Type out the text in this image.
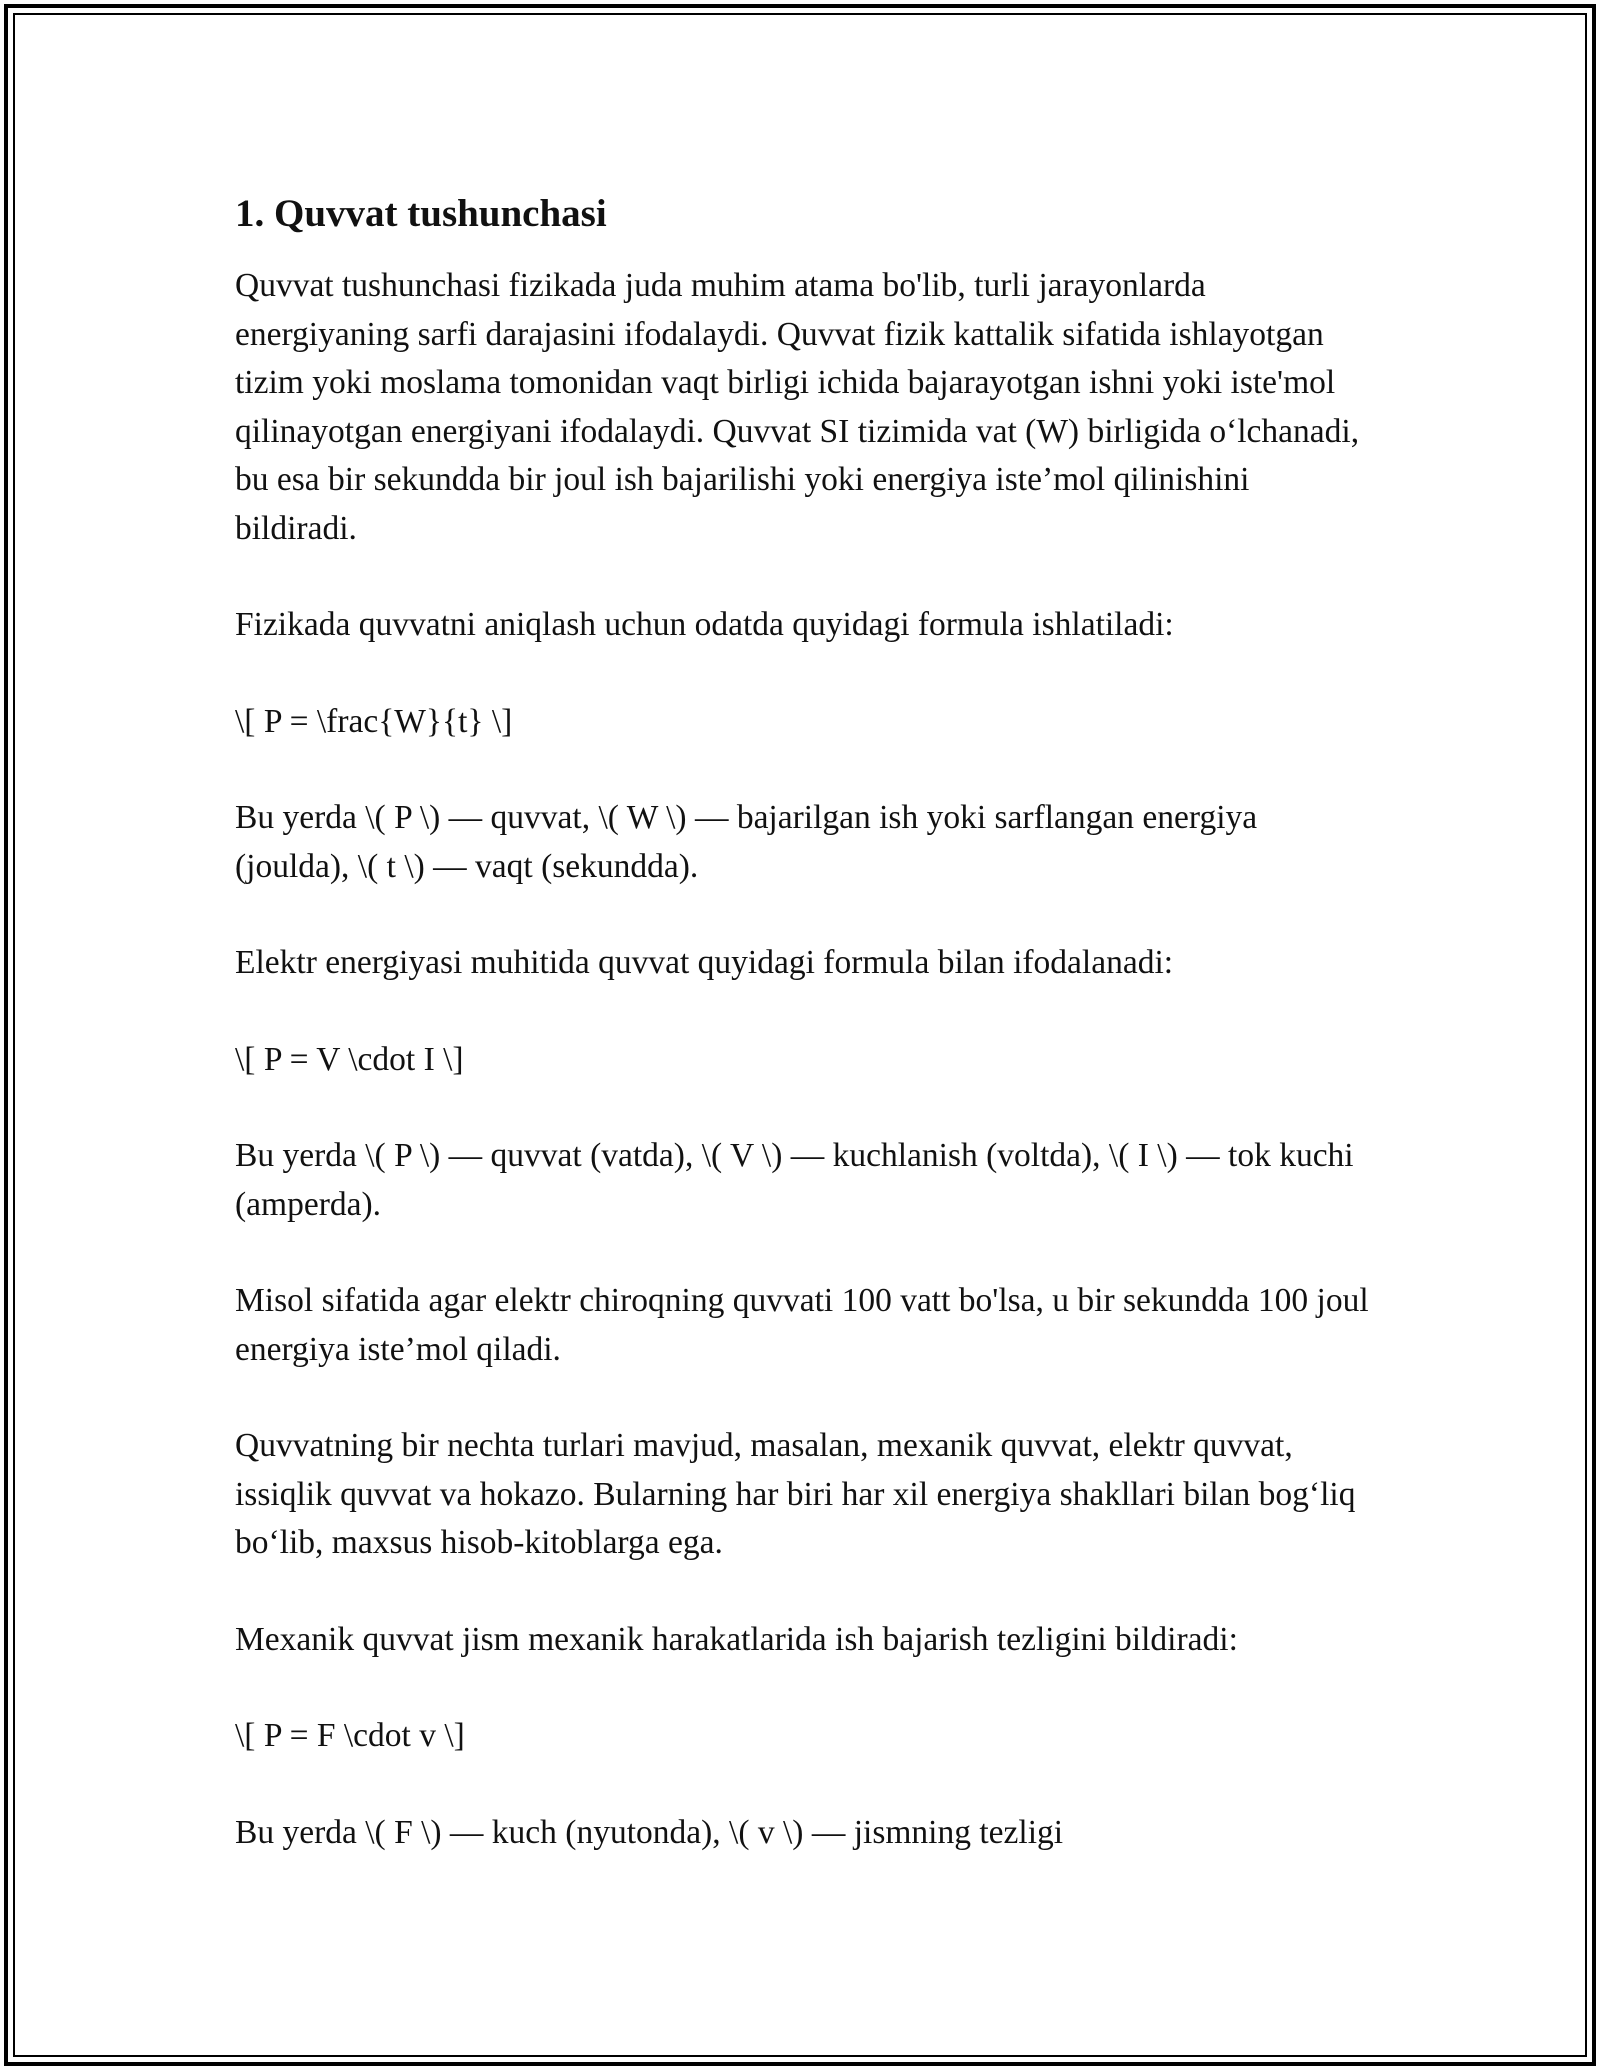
1. Quvvat tushunchasi

Quvvat tushunchasi fizikada juda muhim atama bo'lib, turli jarayonlarda energiyaning sarfi darajasini ifodalaydi. Quvvat fizik kattalik sifatida ishlayotgan tizim yoki moslama tomonidan vaqt birligi ichida bajarayotgan ishni yoki iste'mol qilinayotgan energiyani ifodalaydi. Quvvat SI tizimida vat (W) birligida o‘lchanadi, bu esa bir sekundda bir joul ish bajarilishi yoki energiya iste’mol qilinishini bildiradi.

Fizikada quvvatni aniqlash uchun odatda quyidagi formula ishlatiladi:

\[ P = \frac{W}{t} \]

Bu yerda \( P \) — quvvat, \( W \) — bajarilgan ish yoki sarflangan energiya (joulda), \( t \) — vaqt (sekundda).

Elektr energiyasi muhitida quvvat quyidagi formula bilan ifodalanadi:

\[ P = V \cdot I \]

Bu yerda \( P \) — quvvat (vatda), \( V \) — kuchlanish (voltda), \( I \) — tok kuchi (amperda).

Misol sifatida agar elektr chiroqning quvvati 100 vatt bo'lsa, u bir sekundda 100 joul energiya iste’mol qiladi.

Quvvatning bir nechta turlari mavjud, masalan, mexanik quvvat, elektr quvvat, issiqlik quvvat va hokazo. Bularning har biri har xil energiya shakllari bilan bog‘liq bo‘lib, maxsus hisob-kitoblarga ega.

Mexanik quvvat jism mexanik harakatlarida ish bajarish tezligini bildiradi:

\[ P = F \cdot v \]

Bu yerda \( F \) — kuch (nyutonda), \( v \) — jismning tezligi
